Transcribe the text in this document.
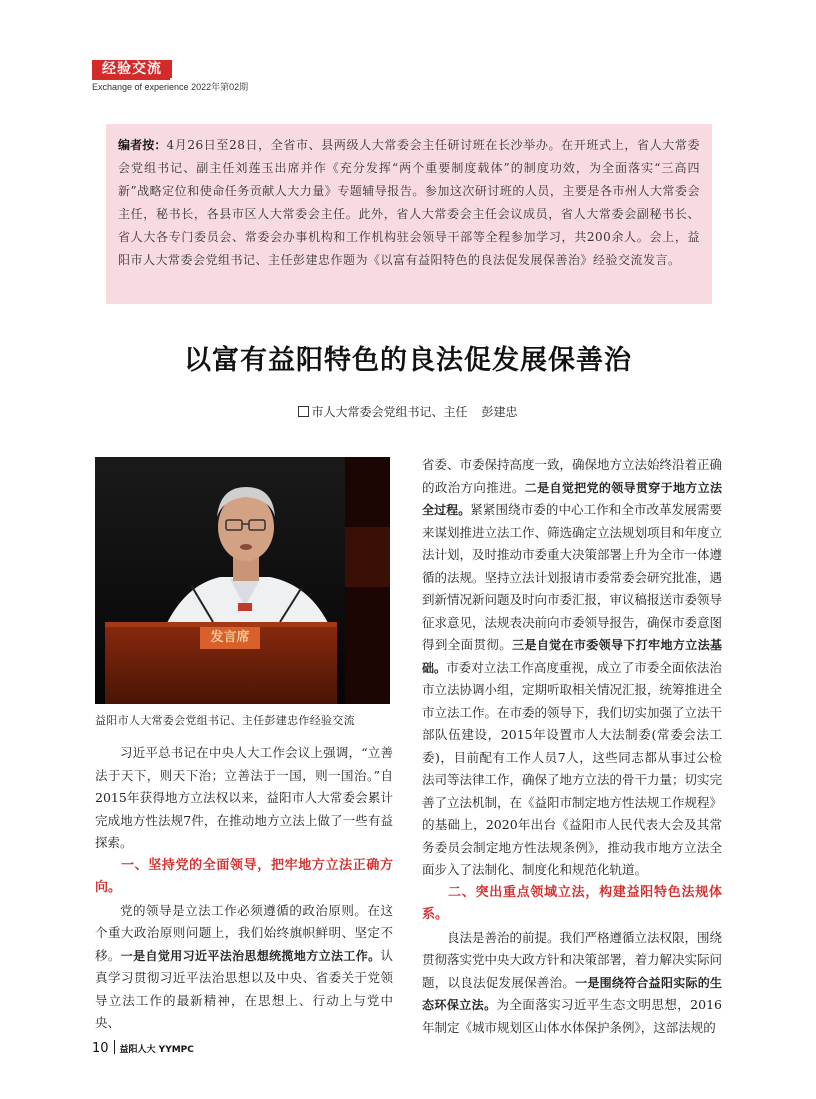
经验交流
Exchange of experience 2022年第02期
编者按：4月26日至28日，全省市、县两级人大常委会主任研讨班在长沙举办。在开班式上，省人大常委会党组书记、副主任刘莲玉出席并作《充分发挥“两个重要制度载体”的制度功效，为全面落实“三高四新”战略定位和使命任务贡献人大力量》专题辅导报告。参加这次研讨班的人员，主要是各市州人大常委会主任，秘书长，各县市区人大常委会主任。此外，省人大常委会主任会议成员，省人大常委会副秘书长、省人大各专门委员会、常委会办事机构和工作机构驻会领导干部等全程参加学习，共200余人。会上，益阳市人大常委会党组书记、主任彭建忠作题为《以富有益阳特色的良法促发展保善治》经验交流发言。
以富有益阳特色的良法促发展保善治
市人大常委会党组书记、主任 彭建忠
发言席
益阳市人大常委会党组书记、主任彭建忠作经验交流

习近平总书记在中央人大工作会议上强调，“立善法于天下，则天下治；立善法于一国，则一国治。”自2015年获得地方立法权以来，益阳市人大常委会累计完成地方性法规7件，在推动地方立法上做了一些有益探索。

一、坚持党的全面领导，把牢地方立法正确方向。

党的领导是立法工作必须遵循的政治原则。在这个重大政治原则问题上，我们始终旗帜鲜明、坚定不移。一是自觉用习近平法治思想统揽地方立法工作。认真学习贯彻习近平法治思想以及中央、省委关于党领导立法工作的最新精神，在思想上、行动上与党中央、

省委、市委保持高度一致，确保地方立法始终沿着正确的政治方向推进。二是自觉把党的领导贯穿于地方立法全过程。紧紧围绕市委的中心工作和全市改革发展需要来谋划推进立法工作、筛选确定立法规划项目和年度立法计划，及时推动市委重大决策部署上升为全市一体遵循的法规。坚持立法计划报请市委常委会研究批准，遇到新情况新问题及时向市委汇报，审议稿报送市委领导征求意见，法规表决前向市委领导报告，确保市委意图得到全面贯彻。三是自觉在市委领导下打牢地方立法基础。市委对立法工作高度重视，成立了市委全面依法治市立法协调小组，定期听取相关情况汇报，统筹推进全市立法工作。在市委的领导下，我们切实加强了立法干部队伍建设，2015年设置市人大法制委(常委会法工委)，目前配有工作人员7人，这些同志都从事过公检法司等法律工作，确保了地方立法的骨干力量；切实完善了立法机制，在《益阳市制定地方性法规工作规程》的基础上，2020年出台《益阳市人民代表大会及其常务委员会制定地方性法规条例》，推动我市地方立法全面步入了法制化、制度化和规范化轨道。

二、突出重点领域立法，构建益阳特色法规体系。

良法是善治的前提。我们严格遵循立法权限，围绕贯彻落实党中央大政方针和决策部署，着力解决实际问题，以良法促发展保善治。一是围绕符合益阳实际的生态环保立法。为全面落实习近平生态文明思想，2016年制定《城市规划区山体水体保护条例》，这部法规的

10 益阳人大 YYMPC
